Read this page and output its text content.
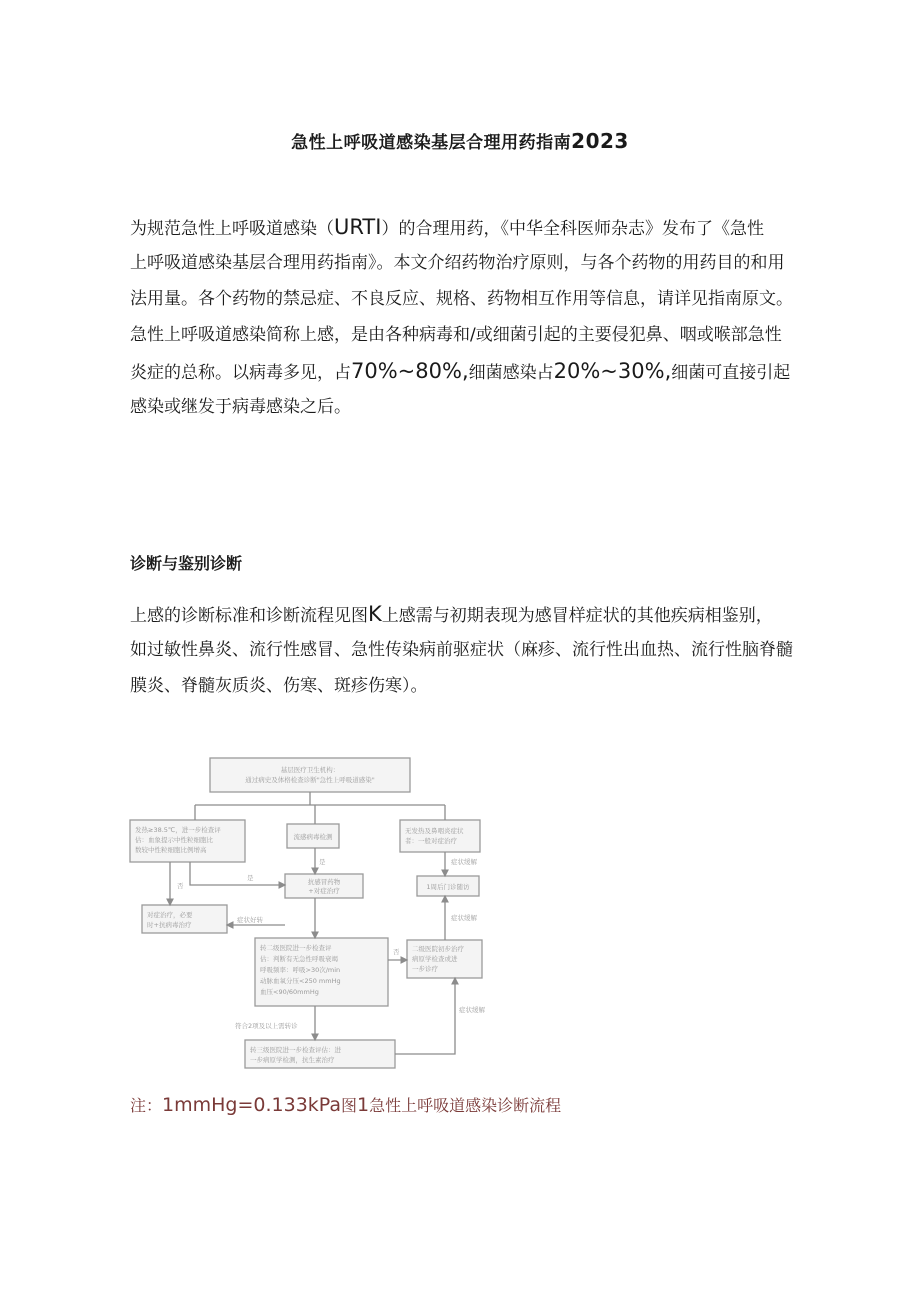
急性上呼吸道感染基层合理用药指南2023
为规范急性上呼吸道感染（URTI）的合理用药，《中华全科医师杂志》发布了《急性
上呼吸道感染基层合理用药指南》。本文介绍药物治疗原则，与各个药物的用药目的和用
法用量。各个药物的禁忌症、不良反应、规格、药物相互作用等信息，请详见指南原文。
急性上呼吸道感染简称上感，是由各种病毒和/或细菌引起的主要侵犯鼻、咽或喉部急性
炎症的总称。以病毒多见，占70%~80%,细菌感染占20%~30%,细菌可直接引起
感染或继发于病毒感染之后。
诊断与鉴别诊断
上感的诊断标准和诊断流程见图K上感需与初期表现为感冒样症状的其他疾病相鉴别，
如过敏性鼻炎、流行性感冒、急性传染病前驱症状（麻疹、流行性出血热、流行性脑脊髓
膜炎、脊髓灰质炎、伤寒、斑疹伤寒）。
基层医疗卫生机构：
通过病史及体格检查诊断"急性上呼吸道感染"
发热≥38.5℃，进一步检查评
估：血象提示中性粒细胞比
数较中性粒细胞比例增高
流感病毒检测
无发热及鼻咽炎症状
者：一般对症治疗
抗感冒药物
+对症治疗	1周后门诊随访
对症治疗，必要
时+抗病毒治疗
转二级医院进一步检查评
估：判断有无急性呼吸衰竭
呼吸频率：呼吸>30次/min
动脉血氧分压<250 mmHg
血压<90/60mmHg
二级医院初步治疗
病原学检查或进
一步诊疗
转三级医院进一步检查评估：进
一步病原学检测，抗生素治疗
否
是
是	症状缓解
症状好转	症状缓解
否
症状缓解
符合2项及以上需转诊
注：1mmHg=0.133kPa图1急性上呼吸道感染诊断流程
